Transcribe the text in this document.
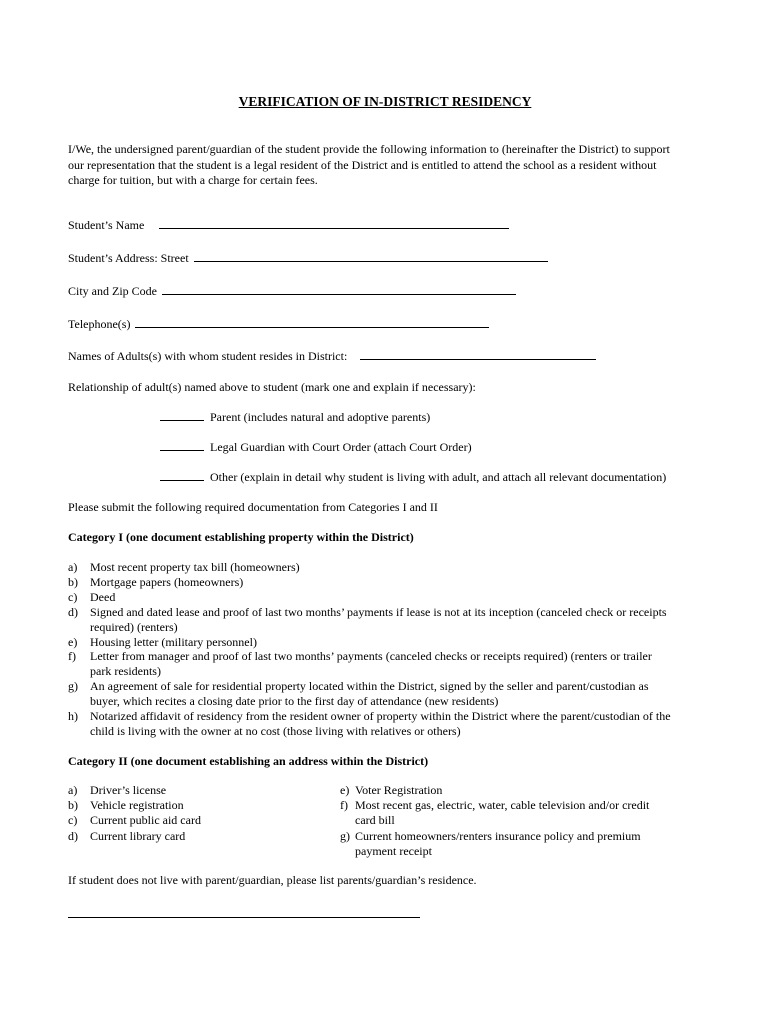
VERIFICATION OF IN-DISTRICT RESIDENCY
I/We, the undersigned parent/guardian of the student provide the following information to (hereinafter the District) to support
our representation that the student is a legal resident of the District and is entitled to attend the school as a resident without
charge for tuition, but with a charge for certain fees.
Student’s Name
Student’s Address: Street
City and Zip Code
Telephone(s)
Names of Adults(s) with whom student resides in District:
Relationship of adult(s) named above to student (mark one and explain if necessary):
Parent (includes natural and adoptive parents)
Legal Guardian with Court Order (attach Court Order)
Other (explain in detail why student is living with adult, and attach all relevant documentation)
Please submit the following required documentation from Categories I and II
Category I (one document establishing property within the District)
a) Most recent property tax bill (homeowners)
b) Mortgage papers (homeowners)
c) Deed
d) Signed and dated lease and proof of last two months’ payments if lease is not at its inception (canceled check or receipts
required) (renters)
e) Housing letter (military personnel)
f) Letter from manager and proof of last two months’ payments (canceled checks or receipts required) (renters or trailer
park residents)
g) An agreement of sale for residential property located within the District, signed by the seller and parent/custodian as
buyer, which recites a closing date prior to the first day of attendance (new residents)
h) Notarized affidavit of residency from the resident owner of property within the District where the parent/custodian of the
child is living with the owner at no cost (those living with relatives or others)
Category II (one document establishing an address within the District)
a) Driver’s license
b) Vehicle registration
c) Current public aid card
d) Current library card
e) Voter Registration
f) Most recent gas, electric, water, cable television and/or credit
card bill
g) Current homeowners/renters insurance policy and premium
payment receipt
If student does not live with parent/guardian, please list parents/guardian’s residence.
